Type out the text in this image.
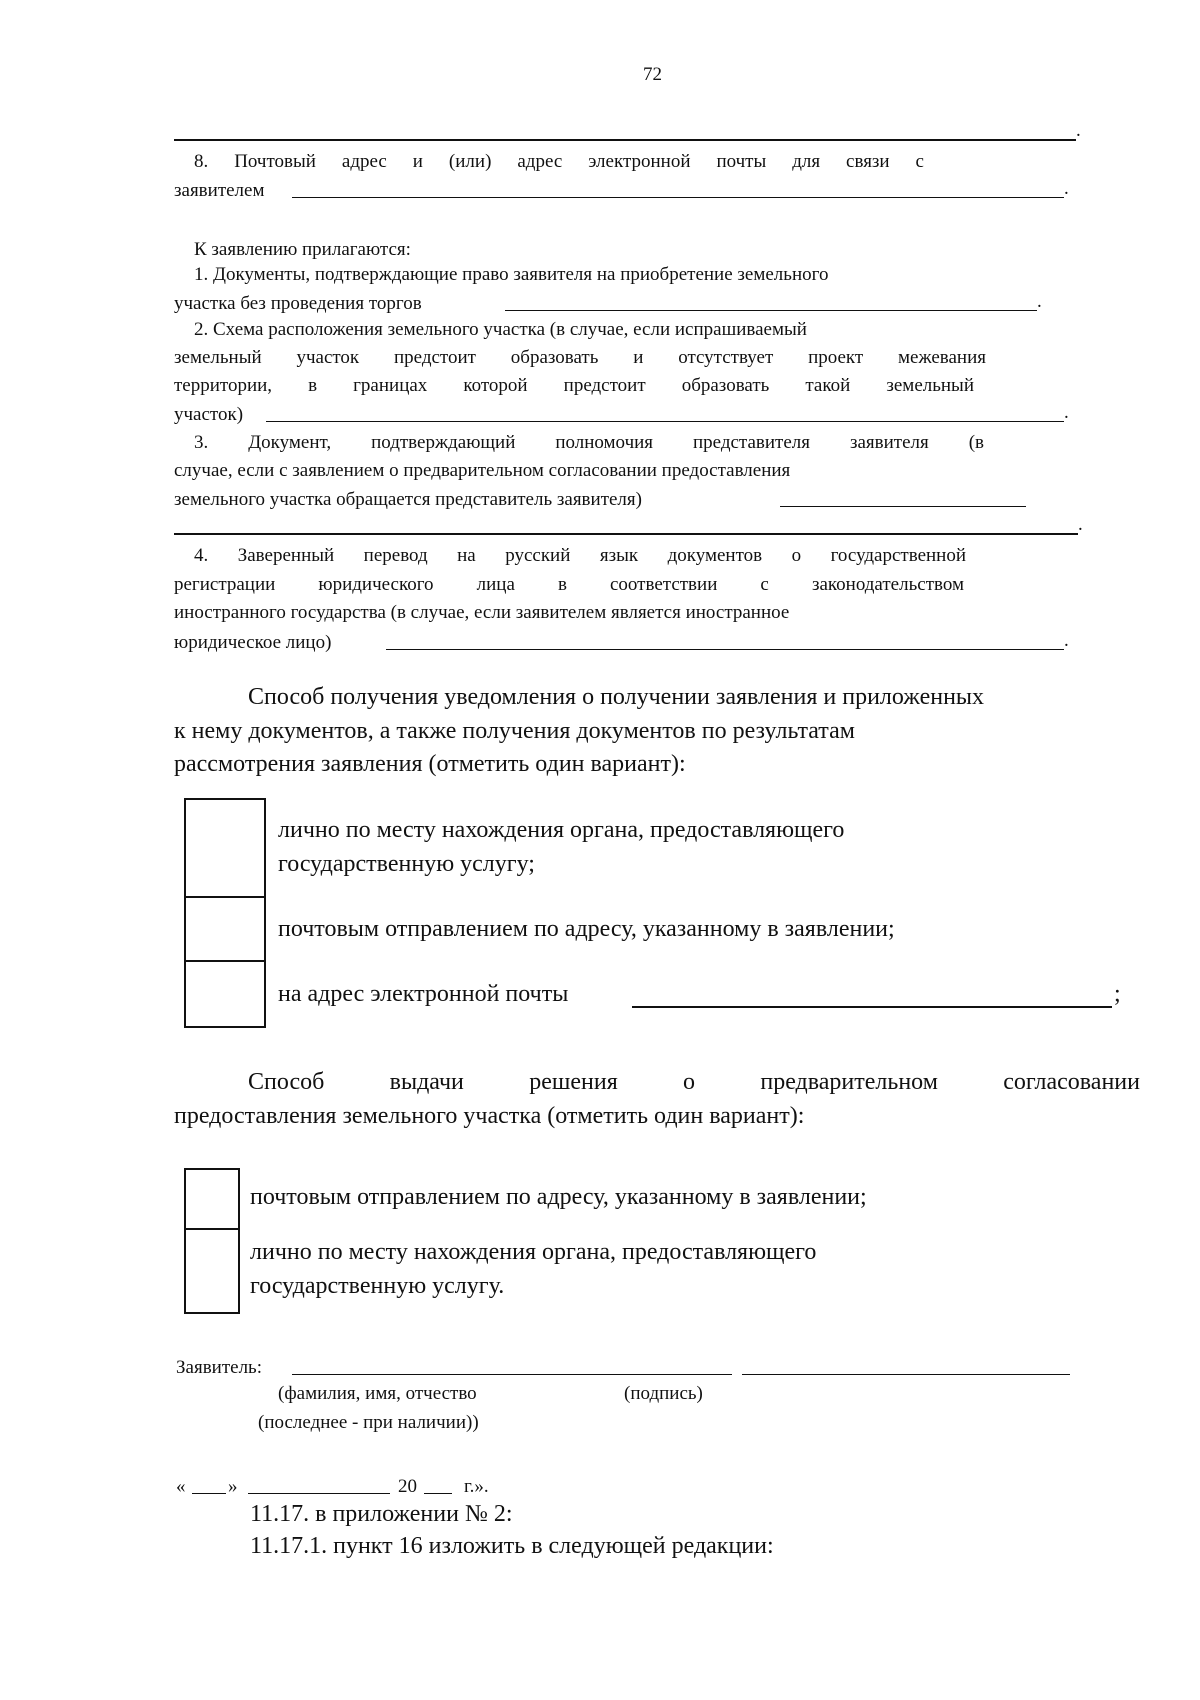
72
.
8. Почтовый адрес и (или) адрес электронной почты для связи с
заявителем	.
К заявлению прилагаются:
1. Документы, подтверждающие право заявителя на приобретение земельного
участка без проведения торгов	.
2. Схема расположения земельного участка (в случае, если испрашиваемый
земельный участок предстоит образовать и отсутствует проект межевания
территории, в границах которой предстоит образовать такой земельный
участок)	.
3. Документ, подтверждающий полномочия представителя заявителя (в
случае, если с заявлением о предварительном согласовании предоставления
земельного участка обращается представитель заявителя)
.
4. Заверенный перевод на русский язык документов о государственной
регистрации юридического лица в соответствии с законодательством
иностранного государства (в случае, если заявителем является иностранное
юридическое лицо)	.
Способ получения уведомления о получении заявления и приложенных
к нему документов, а также получения документов по результатам
рассмотрения заявления (отметить один вариант):
лично по месту нахождения органа, предоставляющего
государственную услугу;
почтовым отправлением по адресу, указанному в заявлении;
на адрес электронной почты	;
Способ выдачи решения о предварительном согласовании
предоставления земельного участка (отметить один вариант):
почтовым отправлением по адресу, указанному в заявлении;
лично по месту нахождения органа, предоставляющего
государственную услугу.
Заявитель:
(фамилия, имя, отчество
(последнее - при наличии))
(подпись)
« »	20 г.».
11.17. в приложении № 2:
11.17.1. пункт 16 изложить в следующей редакции:
